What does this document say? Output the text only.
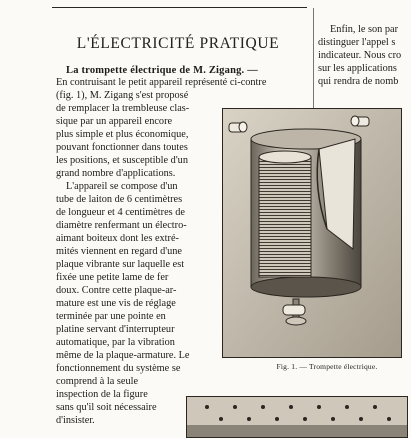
L'ÉLECTRICITÉ PRATIQUE
La trompette électrique de M. Zigang. —
En contruisant le petit appareil représenté ci-contre
(fig. 1), M. Zigang s'est proposé
de remplacer la trembleuse clas-
sique par un appareil encore
plus simple et plus économique,
pouvant fonctionner dans toutes
les positions, et susceptible d'un
grand nombre d'applications.
L'appareil se compose d'un
tube de laiton de 6 centimètres
de longueur et 4 centimètres de
diamètre renfermant un électro-
aimant boiteux dont les extré-
mités viennent en regard d'une
plaque vibrante sur laquelle est
fixée une petite lame de fer
doux. Contre cette plaque-ar-
mature est une vis de réglage
terminée par une pointe en
platine servant d'interrupteur
automatique, par la vibration
même de la plaque-armature. Le
fonctionnement du système se
comprend à la seule
inspection de la figure
sans qu'il soit nécessaire
d'insister.
Enfin, le son par
distinguer l'appel s
indicateur. Nous cro
sur les applications
qui rendra de nomb
Fig. 1. — Trompette électrique.
